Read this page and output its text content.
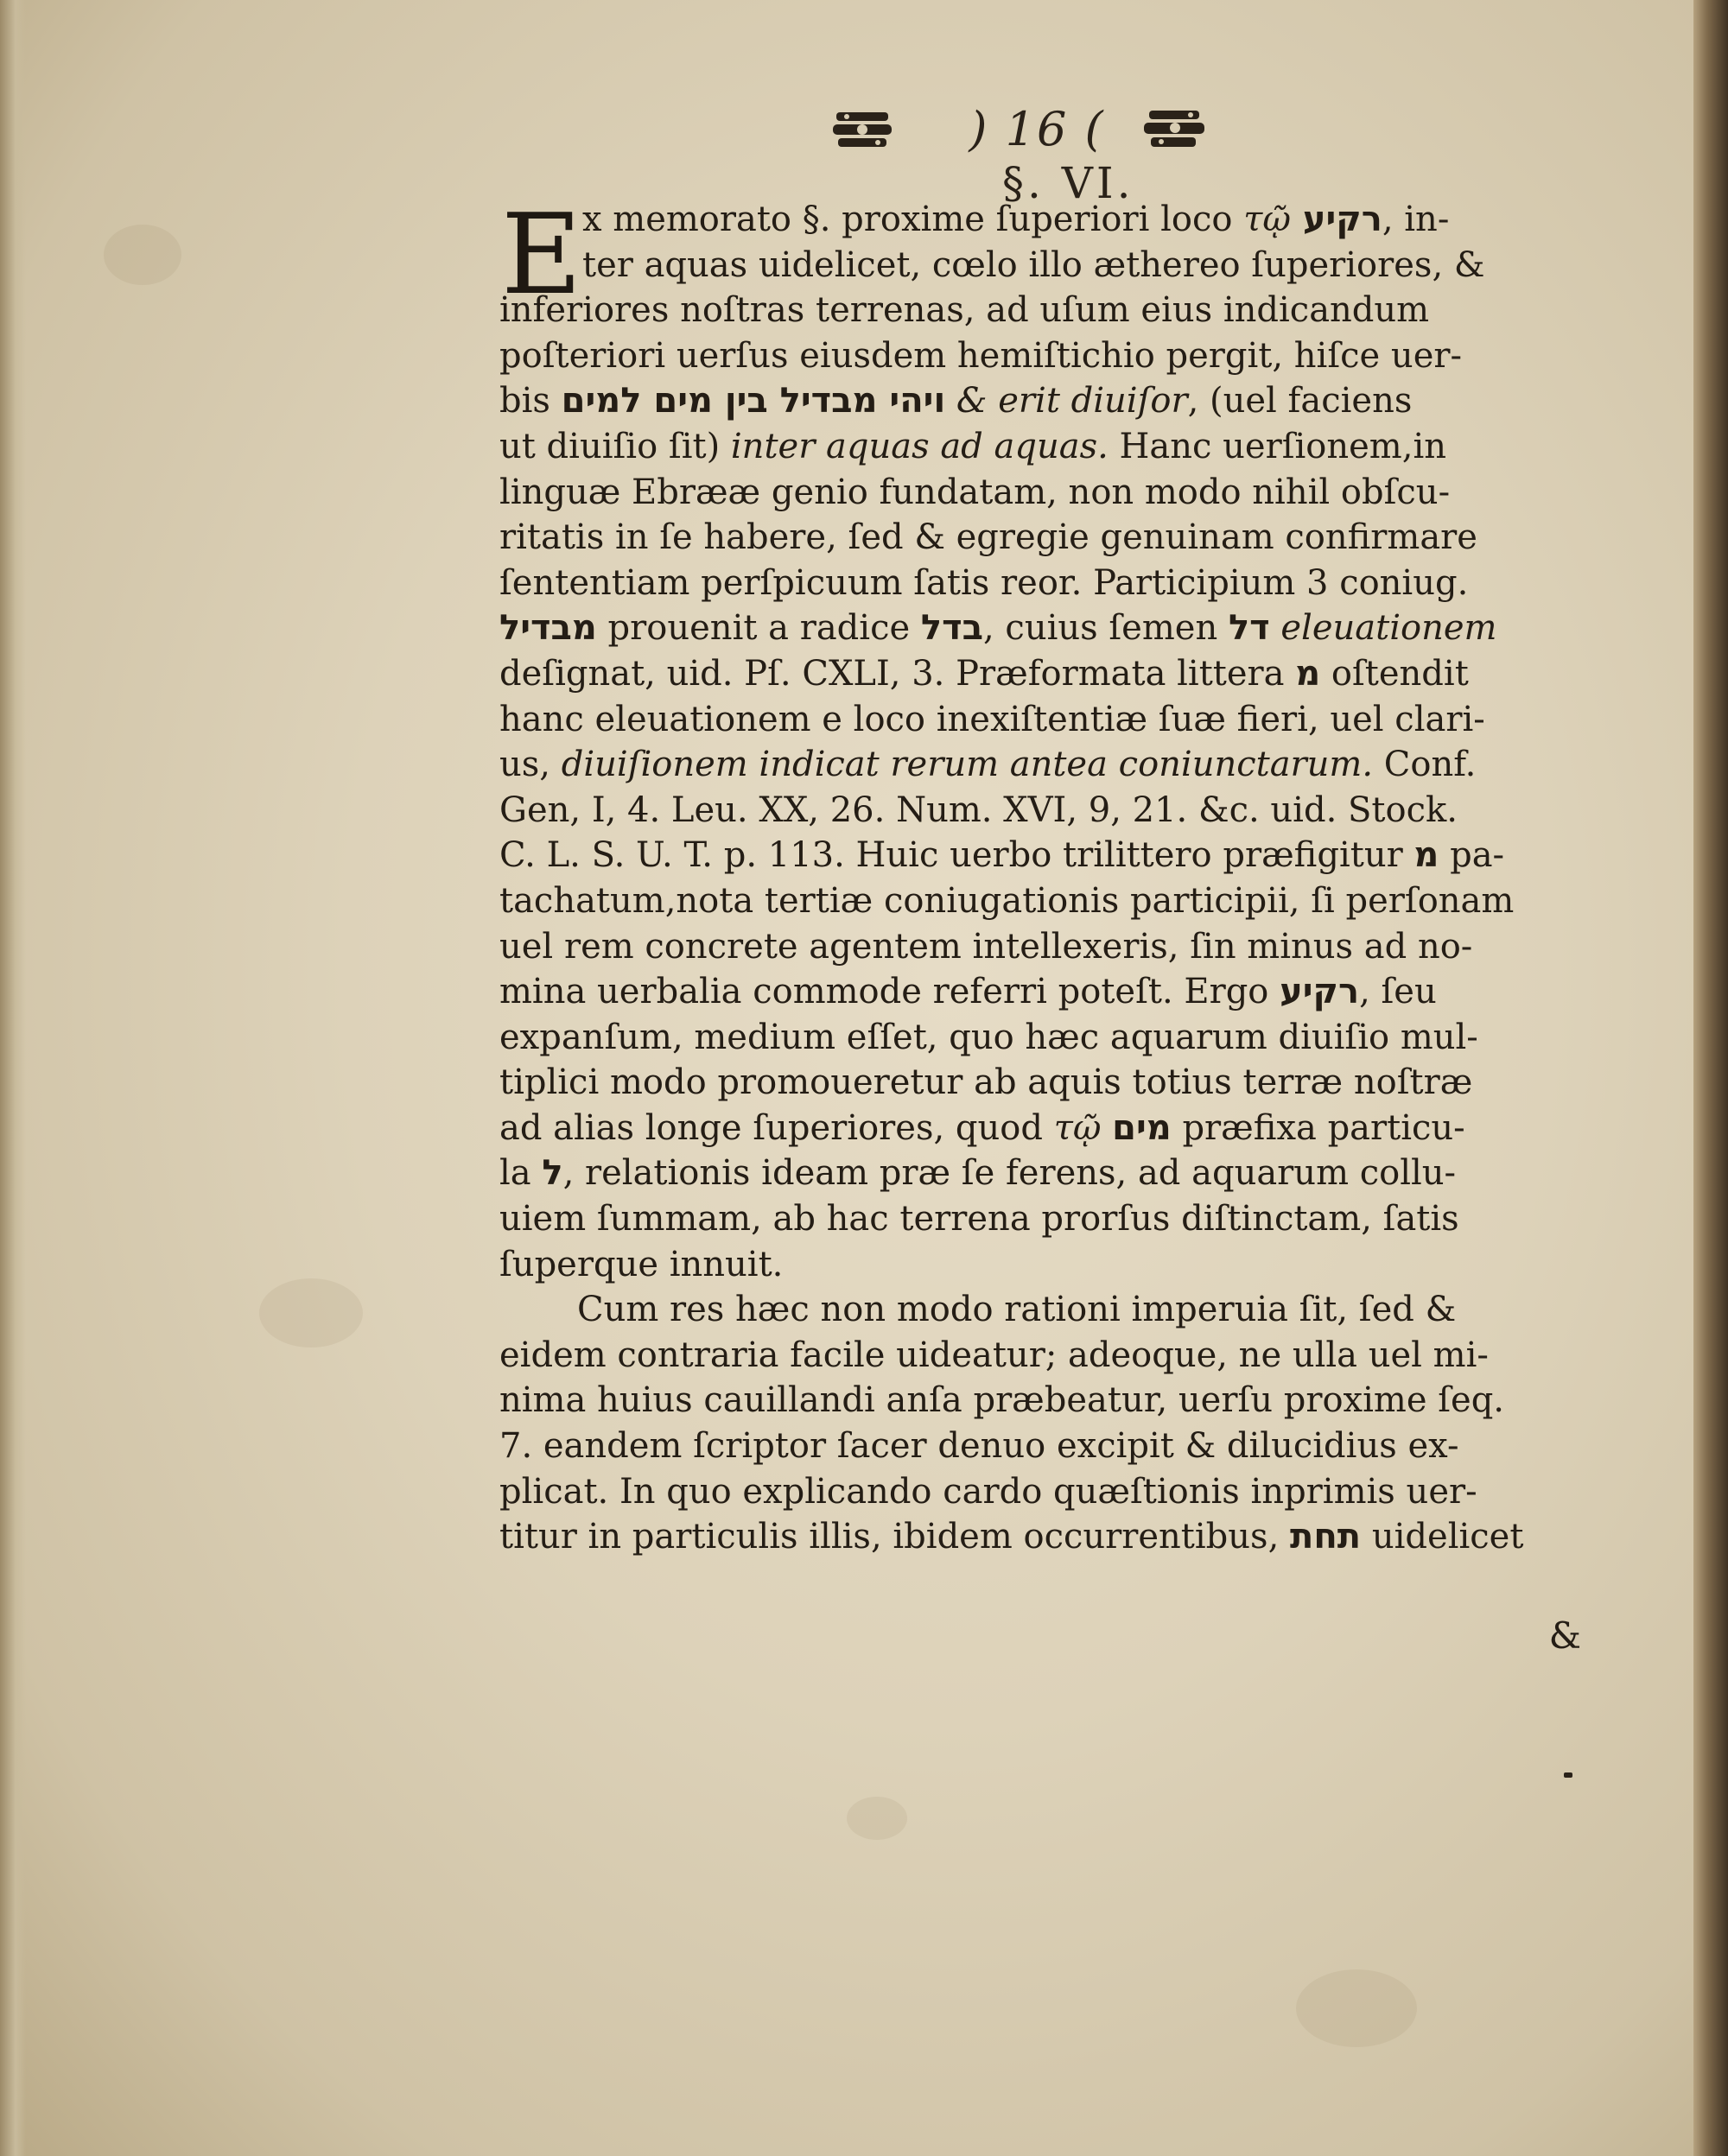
) 16 (
§. VI.
E x memorato §. proxime ſuperiori loco τῷ רקיע, in-
ter aquas uidelicet, cœlo illo æthereo ſuperiores, &
inferiores noſtras terrenas, ad uſum eius indicandum
poſteriori uerſus eiusdem hemiſtichio pergit, hiſce uer-
bis ויהי מבדיל בין מים למים & erit diuiſor, (uel faciens
ut diuiſio ſit) inter aquas ad aquas. Hanc uerſionem,in
linguæ Ebrææ genio fundatam, non modo nihil obſcu-
ritatis in ſe habere, ſed & egregie genuinam confirmare
ſententiam perſpicuum ſatis reor. Participium 3 coniug.
מבדיל prouenit a radice בדל, cuius ſemen דל eleuationem
deſignat, uid. Pſ. CXLI, 3. Præformata littera מ oſtendit
hanc eleuationem e loco inexiſtentiæ ſuæ fieri, uel clari-
us, diuiſionem indicat rerum antea coniunctarum. Conf.
Gen, I, 4. Leu. XX, 26. Num. XVI, 9, 21. &c. uid. Stock.
C. L. S. U. T. p. 113. Huic uerbo trilittero præfigitur מ pa-
tachatum,nota tertiæ coniugationis participii, ſi perſonam
uel rem concrete agentem intellexeris, ſin minus ad no-
mina uerbalia commode referri poteſt. Ergo רקיע, ſeu
expanſum, medium eſſet, quo hæc aquarum diuiſio mul-
tiplici modo promoueretur ab aquis totius terræ noſtræ
ad alias longe ſuperiores, quod τῷ מים præfixa particu-
la ל, relationis ideam præ ſe ferens, ad aquarum collu-
uiem ſummam, ab hac terrena prorſus diſtinctam, ſatis
ſuperque innuit.
Cum res hæc non modo rationi imperuia ſit, ſed &
eidem contraria facile uideatur; adeoque, ne ulla uel mi-
nima huius cauillandi anſa præbeatur, uerſu proxime ſeq.
7. eandem ſcriptor ſacer denuo excipit & dilucidius ex-
plicat. In quo explicando cardo quæſtionis inprimis uer-
titur in particulis illis, ibidem occurrentibus, תחת uidelicet
&
